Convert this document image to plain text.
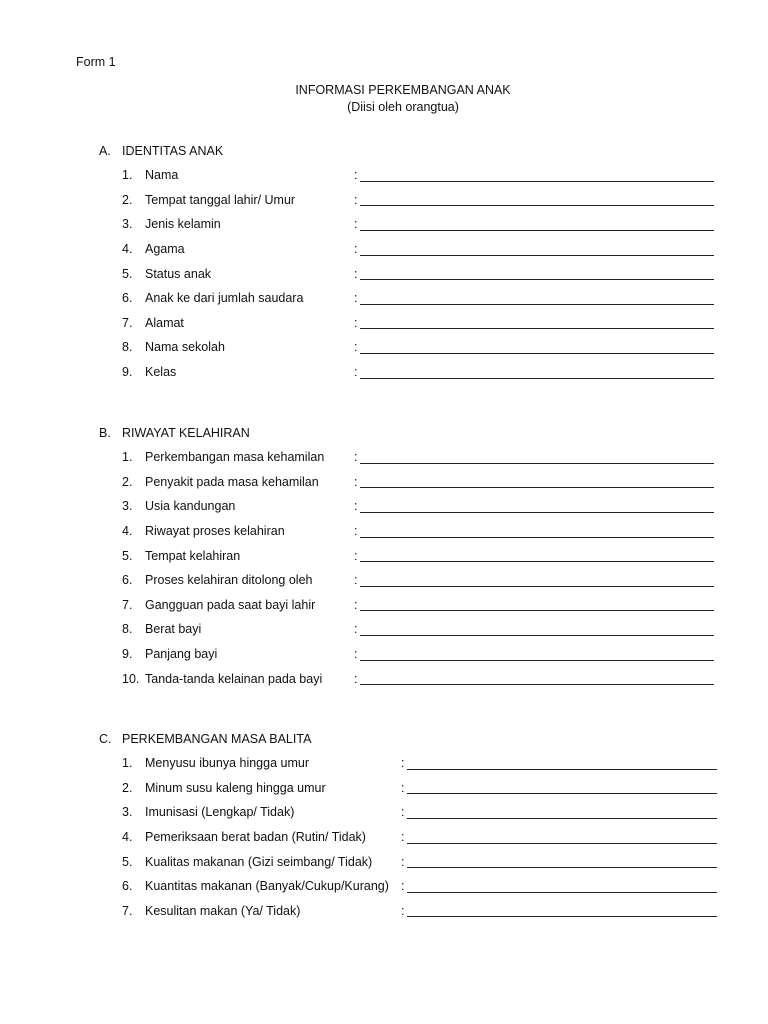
Form 1
INFORMASI PERKEMBANGAN ANAK
(Diisi oleh orangtua)
A. IDENTITAS ANAK
1.	Nama	:
2.	Tempat tanggal lahir/ Umur	:
3.	Jenis kelamin	:
4.	Agama	:
5.	Status anak	:
6.	Anak ke dari jumlah saudara	:
7.	Alamat	:
8.	Nama sekolah	:
9.	Kelas	:
B. RIWAYAT KELAHIRAN
1.	Perkembangan masa kehamilan	:
2.	Penyakit pada masa kehamilan	:
3.	Usia kandungan	:
4.	Riwayat proses kelahiran	:
5.	Tempat kelahiran	:
6.	Proses kelahiran ditolong oleh	:
7.	Gangguan pada saat bayi lahir	:
8.	Berat bayi	:
9.	Panjang bayi	:
10. Tanda-tanda kelainan pada bayi	:
C. PERKEMBANGAN MASA BALITA
1.	Menyusu ibunya hingga umur	:
2.	Minum susu kaleng hingga umur	:
3.	Imunisasi (Lengkap/ Tidak)	:
4.	Pemeriksaan berat badan (Rutin/ Tidak)	:
5.	Kualitas makanan (Gizi seimbang/ Tidak)	:
6.	Kuantitas makanan (Banyak/Cukup/Kurang) :
7.	Kesulitan makan (Ya/ Tidak)	:
